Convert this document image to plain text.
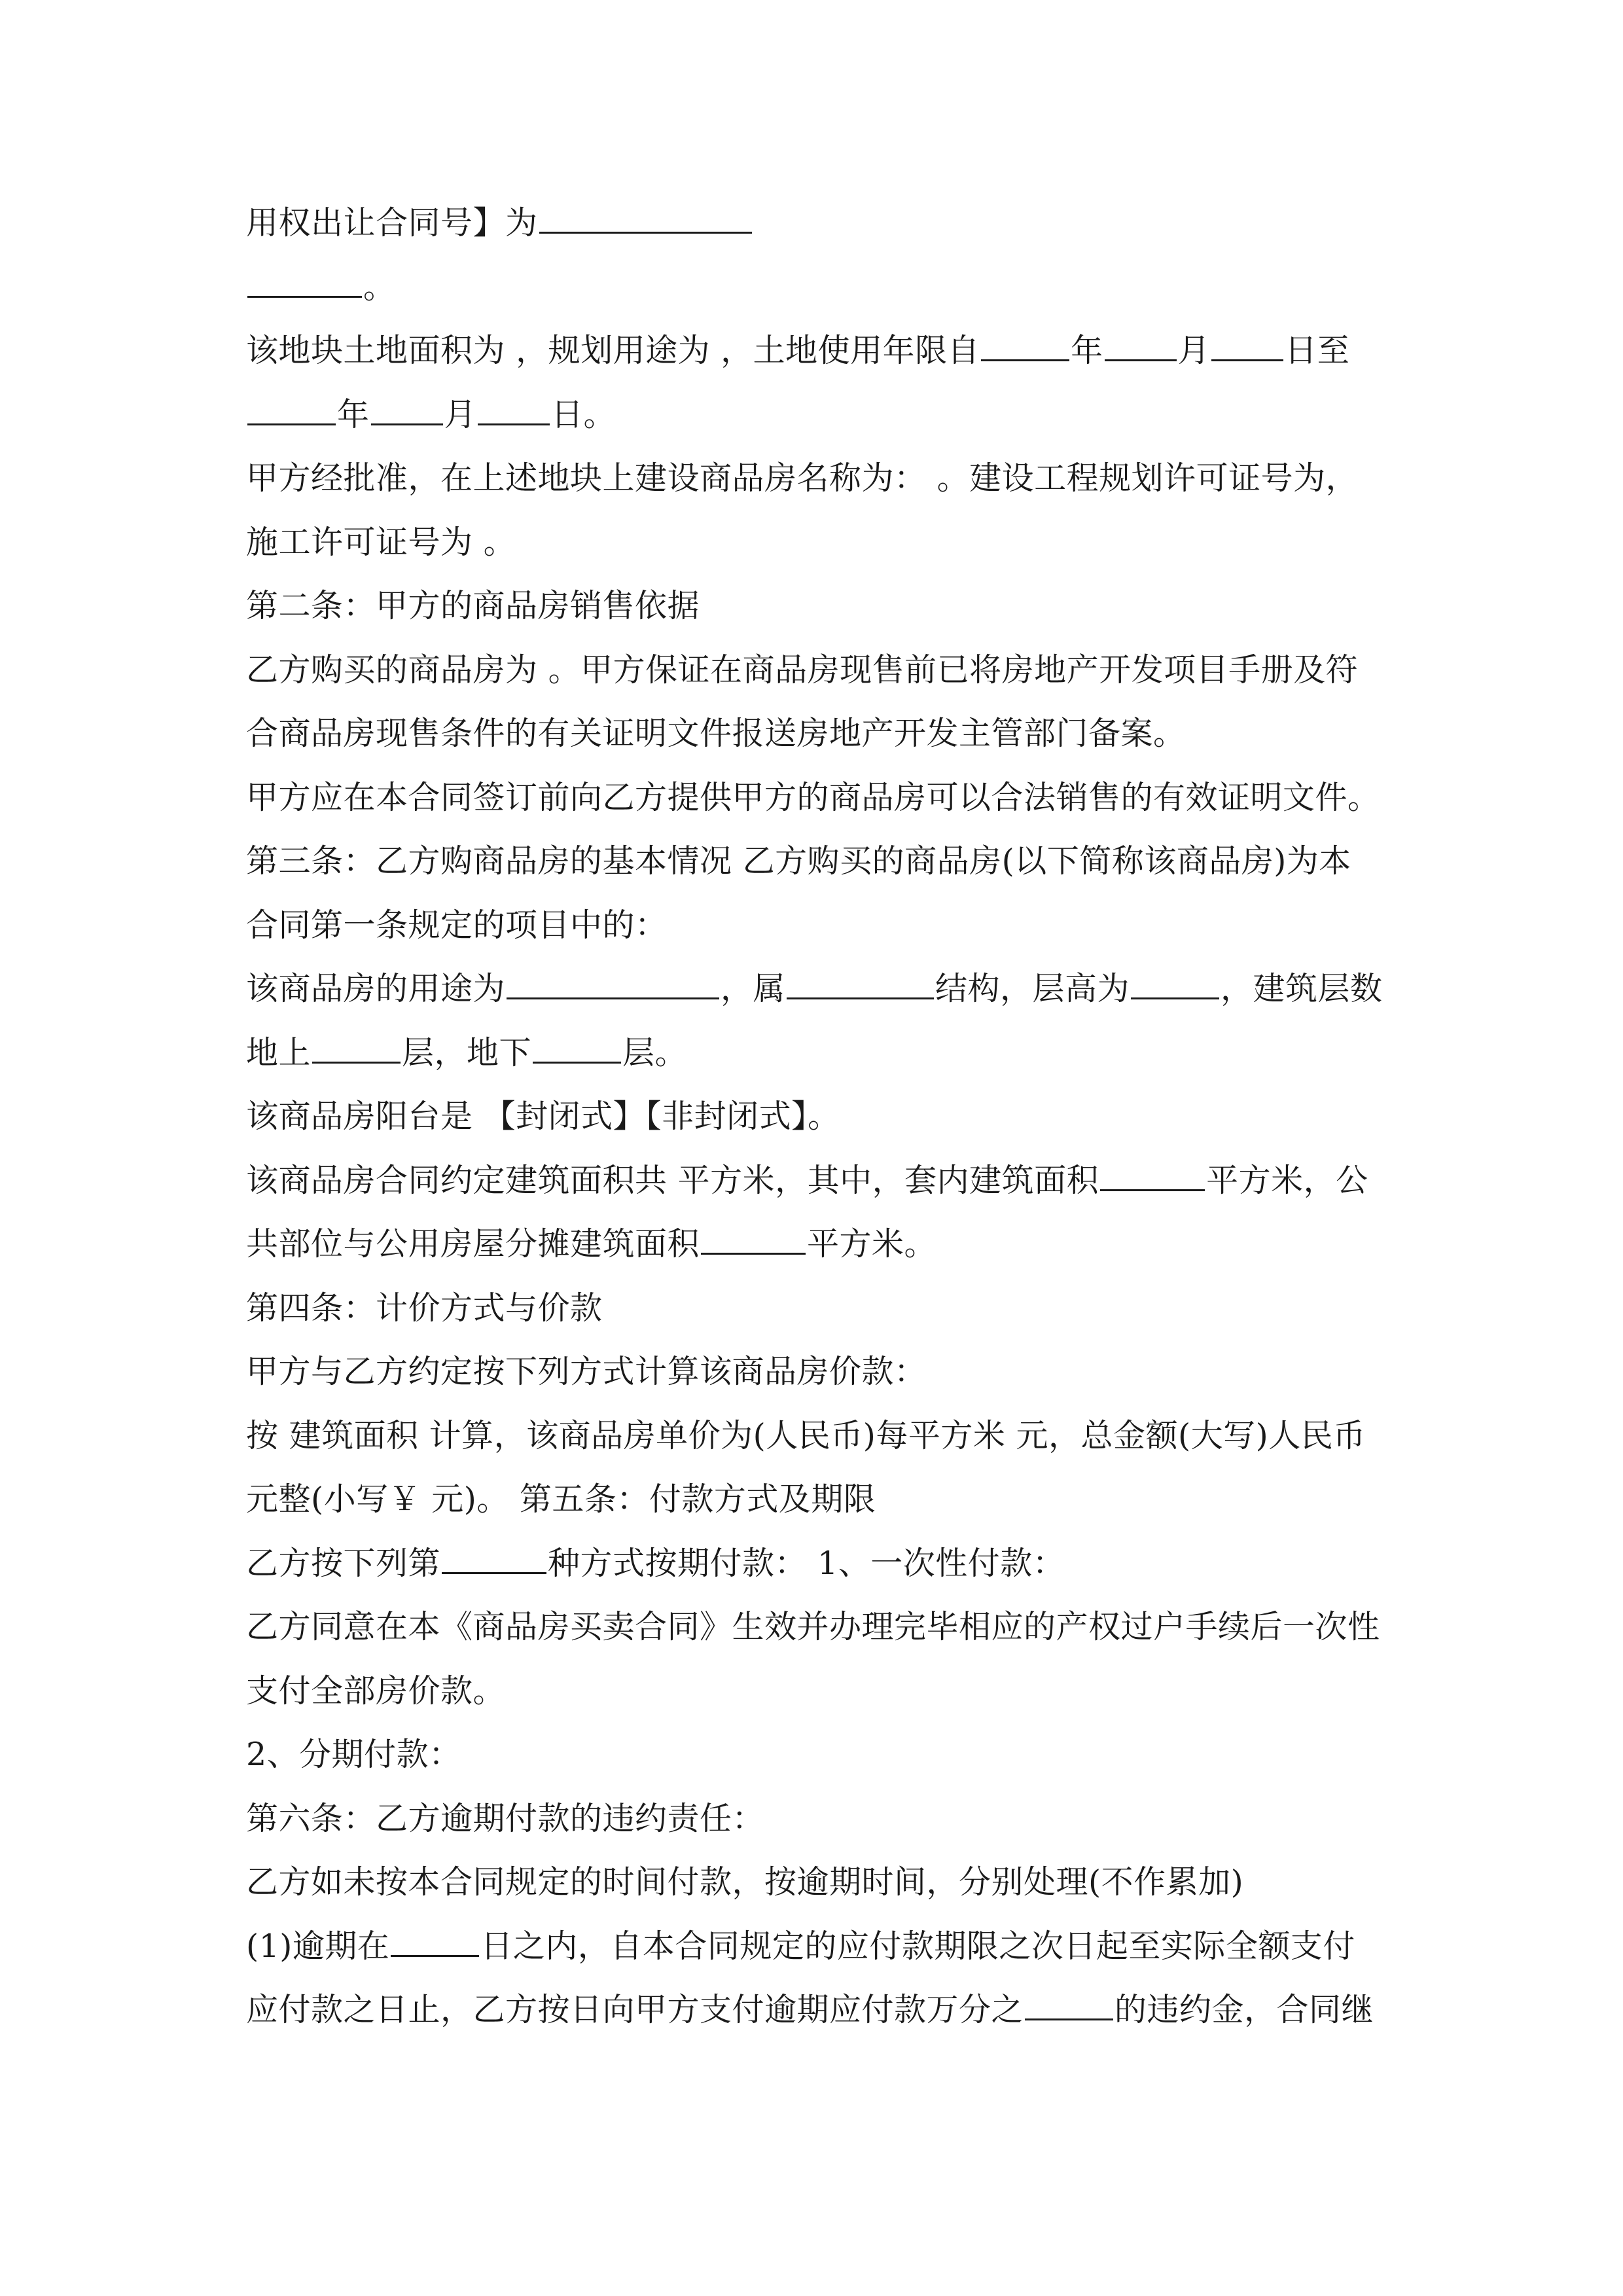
用权出让合同号】为
。
该地块土地面积为 ，规划用途为 ，土地使用年限自	年 月 日至
年 月 日。
甲方经批准，在上述地块上建设商品房名称为： 。建设工程规划许可证号为，
施工许可证号为 。
第二条：甲方的商品房销售依据
乙方购买的商品房为 。甲方保证在商品房现售前已将房地产开发项目手册及符
合商品房现售条件的有关证明文件报送房地产开发主管部门备案。
甲方应在本合同签订前向乙方提供甲方的商品房可以合法销售的有效证明文件。
第三条：乙方购商品房的基本情况 乙方购买的商品房(以下简称该商品房)为本
合同第一条规定的项目中的：
该商品房的用途为	，属	结构，层高为	，建筑层数
地上	层，地下	层。
该商品房阳台是 【封闭式】【非封闭式】。
该商品房合同约定建筑面积共 平方米，其中，套内建筑面积	平方米，公
共部位与公用房屋分摊建筑面积	平方米。
第四条：计价方式与价款
甲方与乙方约定按下列方式计算该商品房价款：
按 建筑面积 计算，该商品房单价为(人民币)每平方米 元，总金额(大写)人民币
元整(小写￥ 元)。 第五条：付款方式及期限
乙方按下列第	种方式按期付款： 1、一次性付款：
乙方同意在本《商品房买卖合同》生效并办理完毕相应的产权过户手续后一次性
支付全部房价款。
2、分期付款：
第六条：乙方逾期付款的违约责任：
乙方如未按本合同规定的时间付款，按逾期时间，分别处理(不作累加)
(1)逾期在	日之内，自本合同规定的应付款期限之次日起至实际全额支付
应付款之日止，乙方按日向甲方支付逾期应付款万分之	的违约金，合同继
